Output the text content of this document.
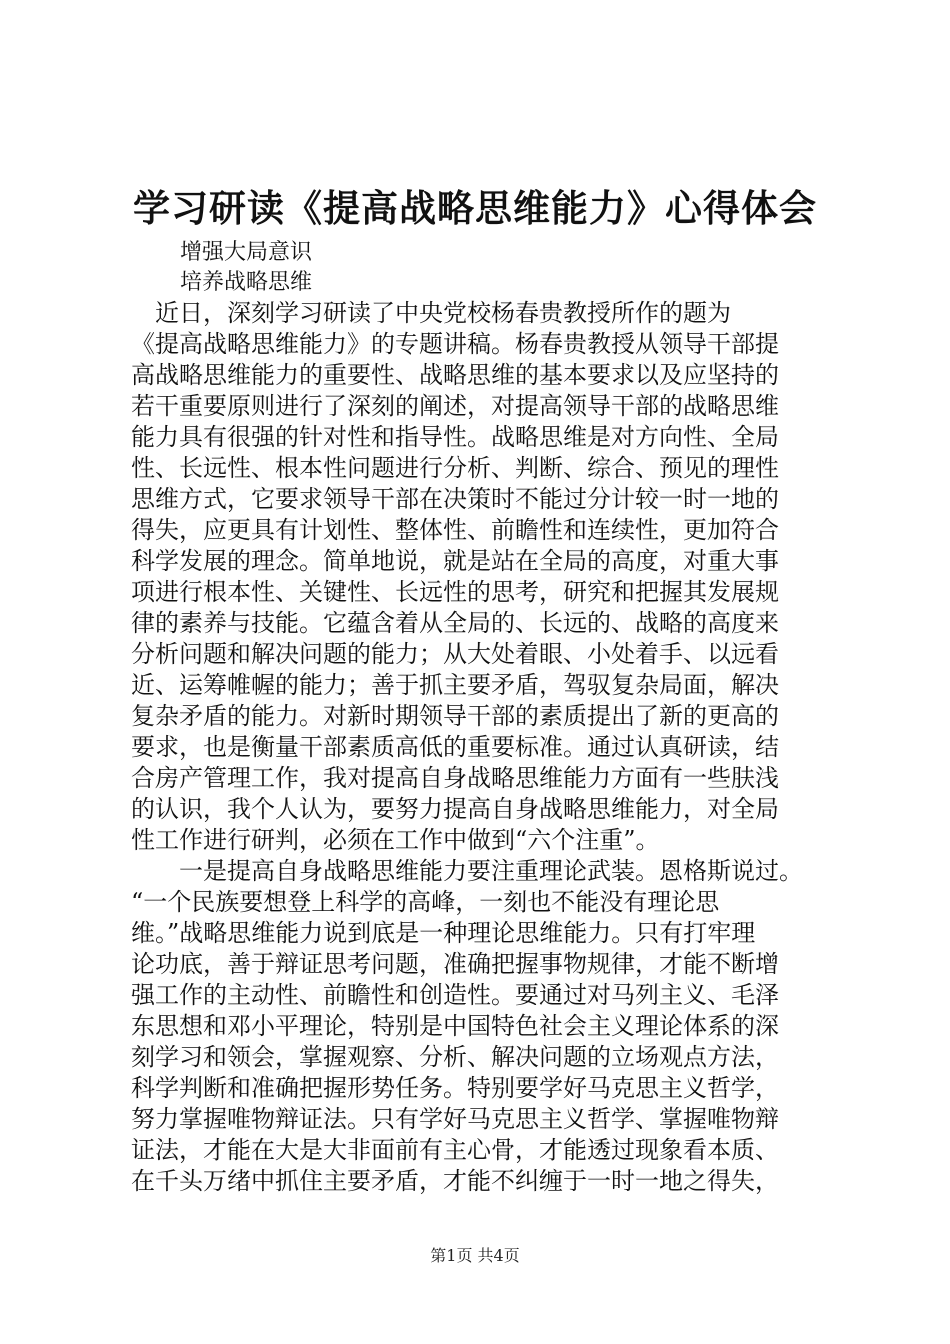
学习研读《提高战略思维能力》心得体会

增强大局意识

培养战略思维

　近日，深刻学习研读了中央党校杨春贵教授所作的题为
《提高战略思维能力》的专题讲稿。杨春贵教授从领导干部提
高战略思维能力的重要性、战略思维的基本要求以及应坚持的
若干重要原则进行了深刻的阐述，对提高领导干部的战略思维
能力具有很强的针对性和指导性。战略思维是对方向性、全局
性、长远性、根本性问题进行分析、判断、综合、预见的理性
思维方式，它要求领导干部在决策时不能过分计较一时一地的
得失，应更具有计划性、整体性、前瞻性和连续性，更加符合
科学发展的理念。简单地说，就是站在全局的高度，对重大事
项进行根本性、关键性、长远性的思考，研究和把握其发展规
律的素养与技能。它蕴含着从全局的、长远的、战略的高度来
分析问题和解决问题的能力；从大处着眼、小处着手、以远看
近、运筹帷幄的能力；善于抓主要矛盾，驾驭复杂局面，解决
复杂矛盾的能力。对新时期领导干部的素质提出了新的更高的
要求，也是衡量干部素质高低的重要标准。通过认真研读，结
合房产管理工作，我对提高自身战略思维能力方面有一些肤浅
的认识，我个人认为，要努力提高自身战略思维能力，对全局
性工作进行研判，必须在工作中做到“六个注重”。
　　一是提高自身战略思维能力要注重理论武装。恩格斯说过。
“一个民族要想登上科学的高峰，一刻也不能没有理论思
维。”战略思维能力说到底是一种理论思维能力。只有打牢理
论功底，善于辩证思考问题，准确把握事物规律，才能不断增
强工作的主动性、前瞻性和创造性。要通过对马列主义、毛泽
东思想和邓小平理论，特别是中国特色社会主义理论体系的深
刻学习和领会，掌握观察、分析、解决问题的立场观点方法，
科学判断和准确把握形势任务。特别要学好马克思主义哲学，
努力掌握唯物辩证法。只有学好马克思主义哲学、掌握唯物辩
证法，才能在大是大非面前有主心骨，才能透过现象看本质、
在千头万绪中抓住主要矛盾，才能不纠缠于一时一地之得失，
第1页 共4页
